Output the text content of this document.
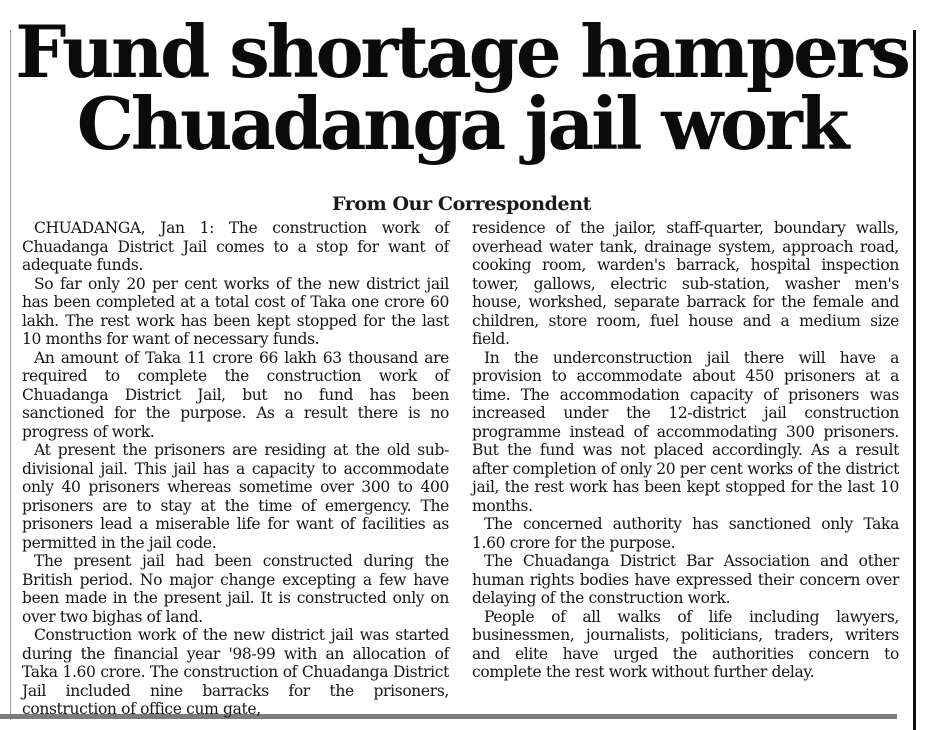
Fund shortage hampers
Chuadanga jail work
From Our Correspondent

CHUADANGA, Jan 1: The construction work of Chuadanga District Jail comes to a stop for want of adequate funds.

So far only 20 per cent works of the new district jail has been completed at a total cost of Taka one crore 60 lakh. The rest work has been kept stopped for the last 10 months for want of necessary funds.

An amount of Taka 11 crore 66 lakh 63 thousand are required to complete the construction work of Chuadanga District Jail, but no fund has been sanctioned for the purpose. As a result there is no progress of work.

At present the prisoners are residing at the old sub-divisional jail. This jail has a capacity to accommodate only 40 prisoners whereas sometime over 300 to 400 prisoners are to stay at the time of emergency. The prisoners lead a miserable life for want of facilities as permitted in the jail code.

The present jail had been constructed during the British period. No major change excepting a few have been made in the present jail. It is constructed only on over two bighas of land.

Construction work of the new district jail was started during the financial year '98-99 with an allocation of Taka 1.60 crore. The construction of Chuadanga District Jail included nine barracks for the prisoners, construction of office cum gate,

residence of the jailor, staff-quarter, boundary walls, overhead water tank, drainage system, approach road, cooking room, warden's barrack, hospital inspection tower, gallows, electric sub-station, washer men's house, workshed, separate barrack for the female and children, store room, fuel house and a medium size field.

In the underconstruction jail there will have a provision to accommodate about 450 prisoners at a time. The accommodation capacity of prisoners was increased under the 12-district jail construction programme instead of accommodating 300 prisoners. But the fund was not placed accordingly. As a result after completion of only 20 per cent works of the district jail, the rest work has been kept stopped for the last 10 months.

The concerned authority has sanctioned only Taka 1.60 crore for the purpose.

The Chuadanga District Bar Association and other human rights bodies have expressed their concern over delaying of the construction work.

People of all walks of life including lawyers, businessmen, journalists, politicians, traders, writers and elite have urged the authorities concern to complete the rest work without further delay.
